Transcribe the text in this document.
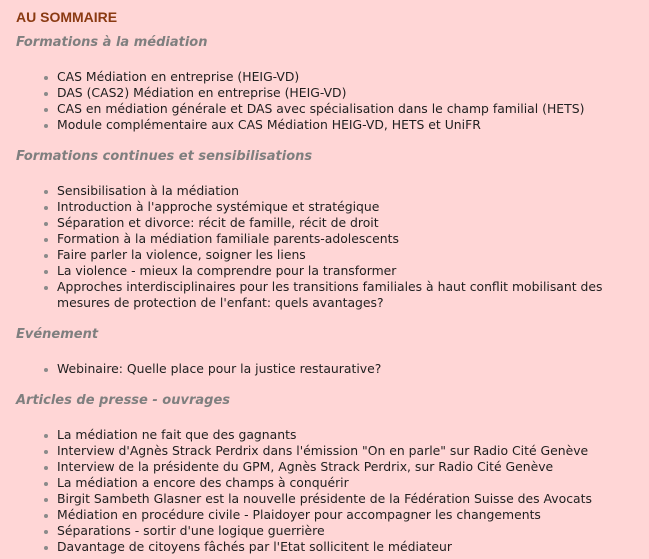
AU SOMMAIRE
Formations à la médiation
CAS Médiation en entreprise (HEIG-VD)
DAS (CAS2) Médiation en entreprise (HEIG-VD)
CAS en médiation générale et DAS avec spécialisation dans le champ familial (HETS)
Module complémentaire aux CAS Médiation HEIG-VD, HETS et UniFR
Formations continues et sensibilisations
Sensibilisation à la médiation
Introduction à l'approche systémique et stratégique
Séparation et divorce: récit de famille, récit de droit
Formation à la médiation familiale parents-adolescents
Faire parler la violence, soigner les liens
La violence - mieux la comprendre pour la transformer
Approches interdisciplinaires pour les transitions familiales à haut conflit mobilisant des mesures de protection de l'enfant: quels avantages?
Evénement
Webinaire: Quelle place pour la justice restaurative?
Articles de presse - ouvrages
La médiation ne fait que des gagnants
Interview d'Agnès Strack Perdrix dans l'émission "On en parle" sur Radio Cité Genève
Interview de la présidente du GPM, Agnès Strack Perdrix, sur Radio Cité Genève
La médiation a encore des champs à conquérir
Birgit Sambeth Glasner est la nouvelle présidente de la Fédération Suisse des Avocats
Médiation en procédure civile - Plaidoyer pour accompagner les changements
Séparations - sortir d'une logique guerrière
Davantage de citoyens fâchés par l'Etat sollicitent le médiateur
